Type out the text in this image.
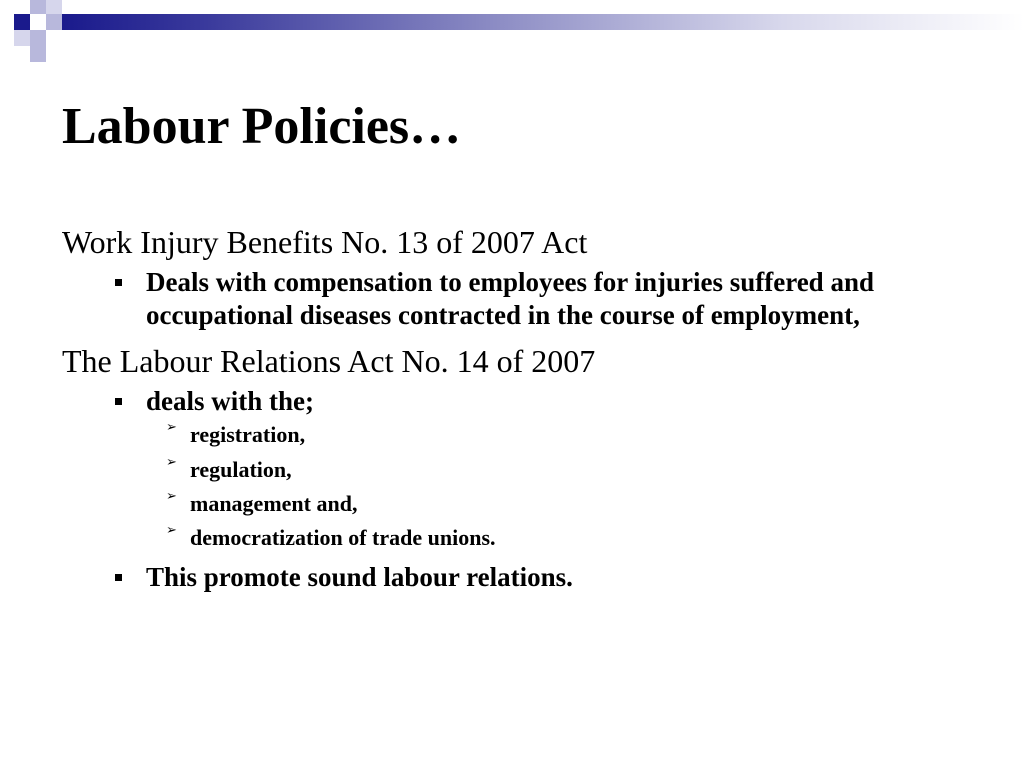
Labour Policies…
Work Injury Benefits No. 13 of 2007 Act
Deals with compensation to employees for injuries suffered and occupational diseases contracted in the course of employment,
The Labour Relations Act No. 14 of 2007
deals with the;
➢ registration,
➢ regulation,
➢ management and,
➢ democratization of trade unions.
This promote sound labour relations.
